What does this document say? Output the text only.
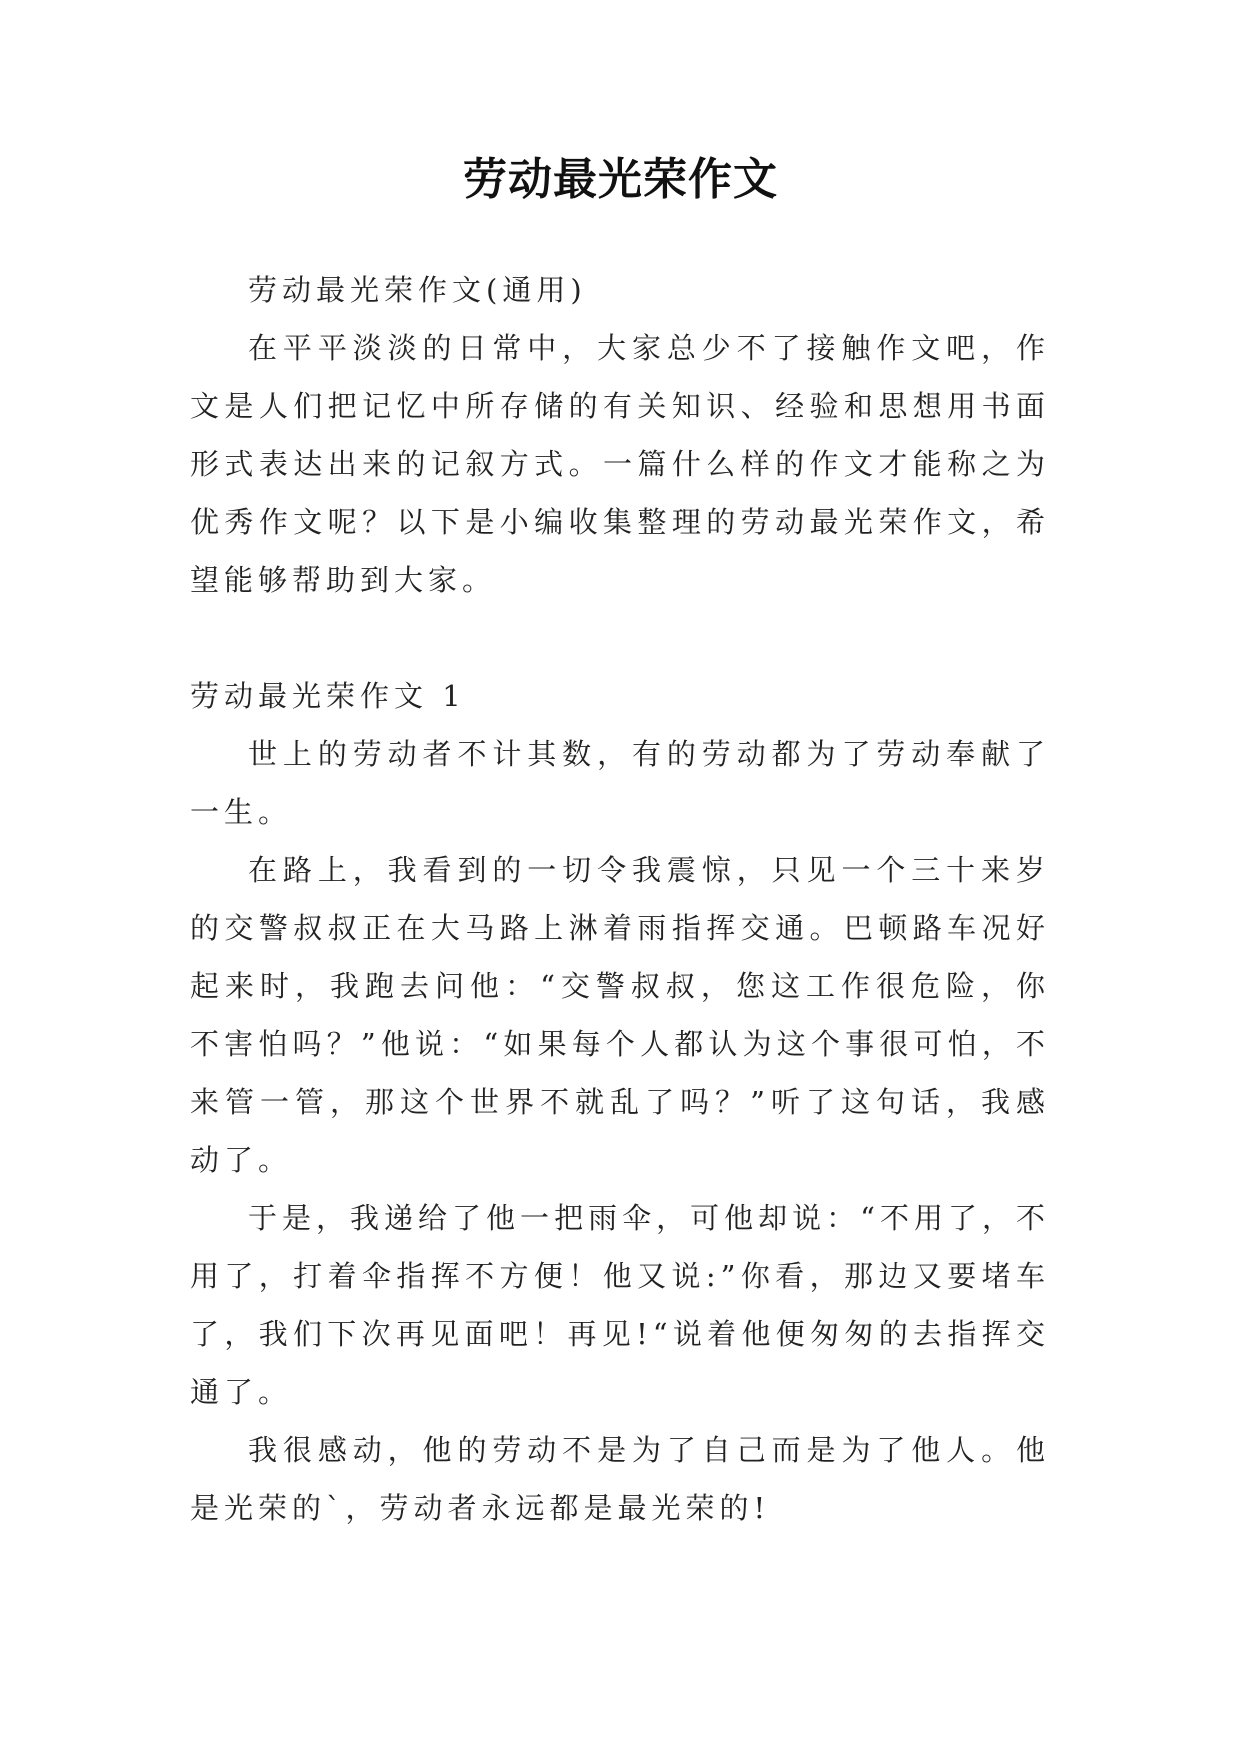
劳动最光荣作文

劳动最光荣作文(通用)

在平平淡淡的日常中，大家总少不了接触作文吧，作文是人们把记忆中所存储的有关知识、经验和思想用书面形式表达出来的记叙方式。一篇什么样的作文才能称之为优秀作文呢？以下是小编收集整理的劳动最光荣作文，希望能够帮助到大家。

劳动最光荣作文 1

世上的劳动者不计其数，有的劳动都为了劳动奉献了一生。

在路上，我看到的一切令我震惊，只见一个三十来岁的交警叔叔正在大马路上淋着雨指挥交通。巴顿路车况好起来时，我跑去问他：“交警叔叔，您这工作很危险，你不害怕吗？”他说：“如果每个人都认为这个事很可怕，不来管一管，那这个世界不就乱了吗？”听了这句话，我感动了。

于是，我递给了他一把雨伞，可他却说：“不用了，不用了，打着伞指挥不方便！他又说:”你看，那边又要堵车了，我们下次再见面吧！再见!“说着他便匆匆的去指挥交通了。

我很感动，他的劳动不是为了自己而是为了他人。他是光荣的`，劳动者永远都是最光荣的!
